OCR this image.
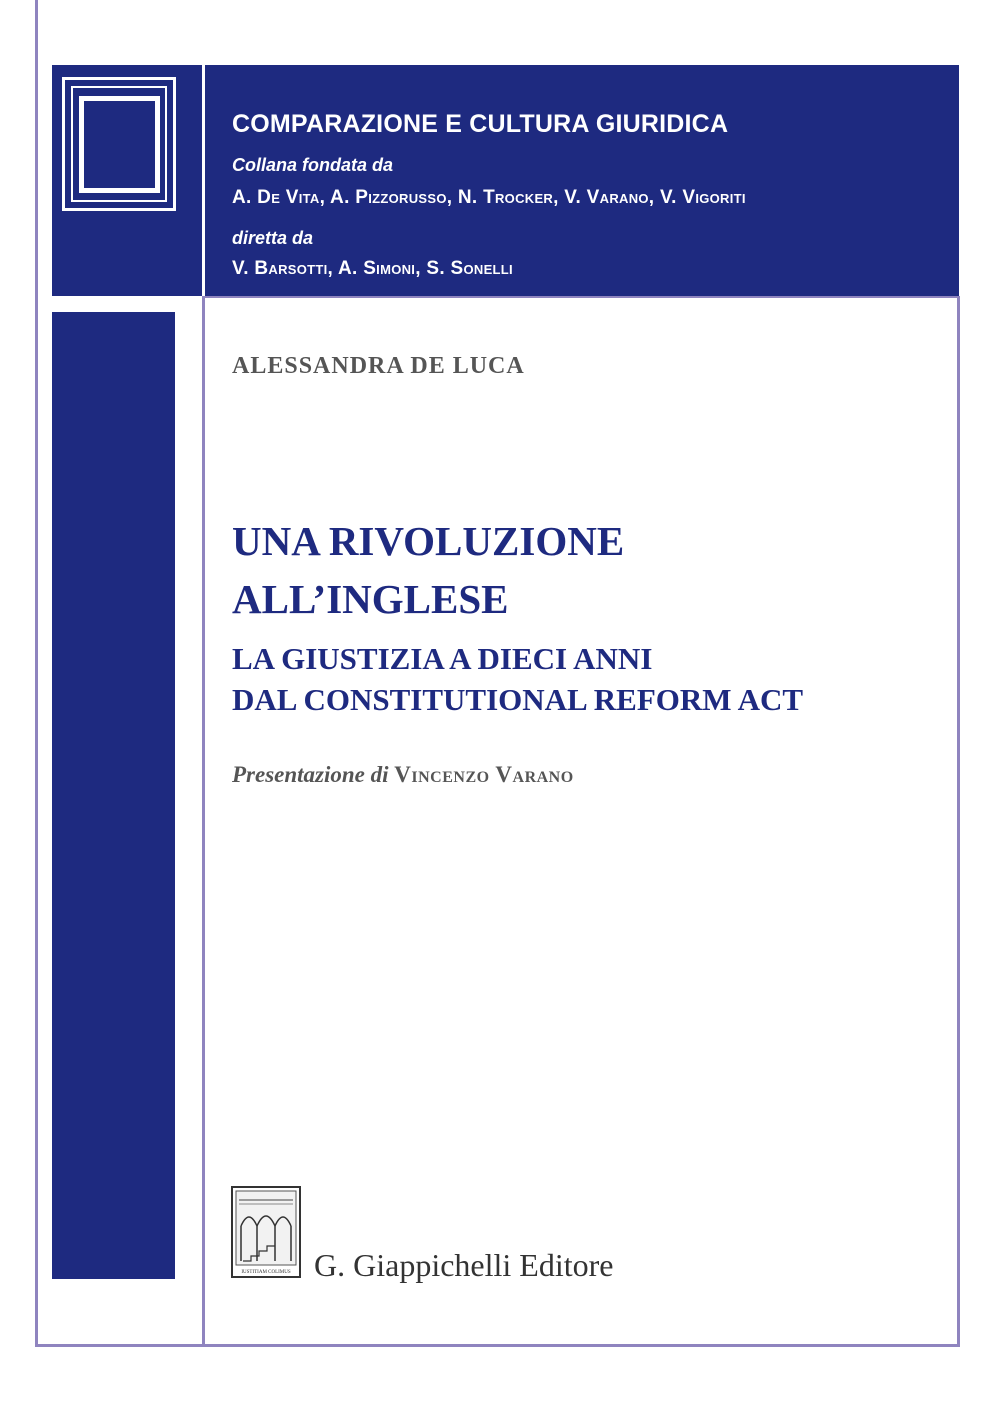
COMPARAZIONE E CULTURA GIURIDICA
Collana fondata da
A. De Vita, A. Pizzorusso, N. Trocker, V. Varano, V. Vigoriti
diretta da
V. Barsotti, A. Simoni, S. Sonelli
ALESSANDRA DE LUCA
UNA RIVOLUZIONE
ALL’INGLESE
LA GIUSTIZIA A DIECI ANNI
DAL CONSTITUTIONAL REFORM ACT
Presentazione di Vincenzo Varano
IUSTITIAM COLIMUS G. Giappichelli Editore
